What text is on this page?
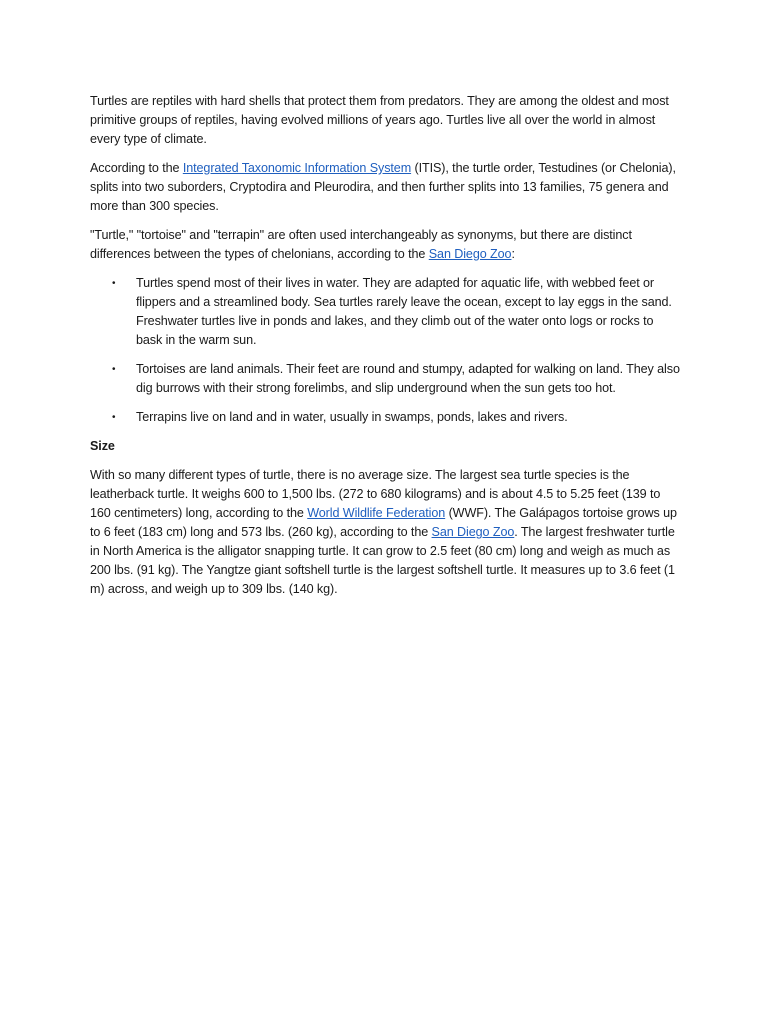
Turtles are reptiles with hard shells that protect them from predators. They are among the oldest and most primitive groups of reptiles, having evolved millions of years ago. Turtles live all over the world in almost every type of climate.

According to the Integrated Taxonomic Information System (ITIS), the turtle order, Testudines (or Chelonia), splits into two suborders, Cryptodira and Pleurodira, and then further splits into 13 families, 75 genera and more than 300 species.

"Turtle," "tortoise" and "terrapin" are often used interchangeably as synonyms, but there are distinct differences between the types of chelonians, according to the San Diego Zoo:

• Turtles spend most of their lives in water. They are adapted for aquatic life, with webbed feet or flippers and a streamlined body. Sea turtles rarely leave the ocean, except to lay eggs in the sand. Freshwater turtles live in ponds and lakes, and they climb out of the water onto logs or rocks to bask in the warm sun.
• Tortoises are land animals. Their feet are round and stumpy, adapted for walking on land. They also dig burrows with their strong forelimbs, and slip underground when the sun gets too hot.
• Terrapins live on land and in water, usually in swamps, ponds, lakes and rivers.

Size

With so many different types of turtle, there is no average size. The largest sea turtle species is the leatherback turtle. It weighs 600 to 1,500 lbs. (272 to 680 kilograms) and is about 4.5 to 5.25 feet (139 to 160 centimeters) long, according to the World Wildlife Federation (WWF). The Galápagos tortoise grows up to 6 feet (183 cm) long and 573 lbs. (260 kg), according to the San Diego Zoo. The largest freshwater turtle in North America is the alligator snapping turtle. It can grow to 2.5 feet (80 cm) long and weigh as much as 200 lbs. (91 kg). The Yangtze giant softshell turtle is the largest softshell turtle. It measures up to 3.6 feet (1 m) across, and weigh up to 309 lbs. (140 kg).
